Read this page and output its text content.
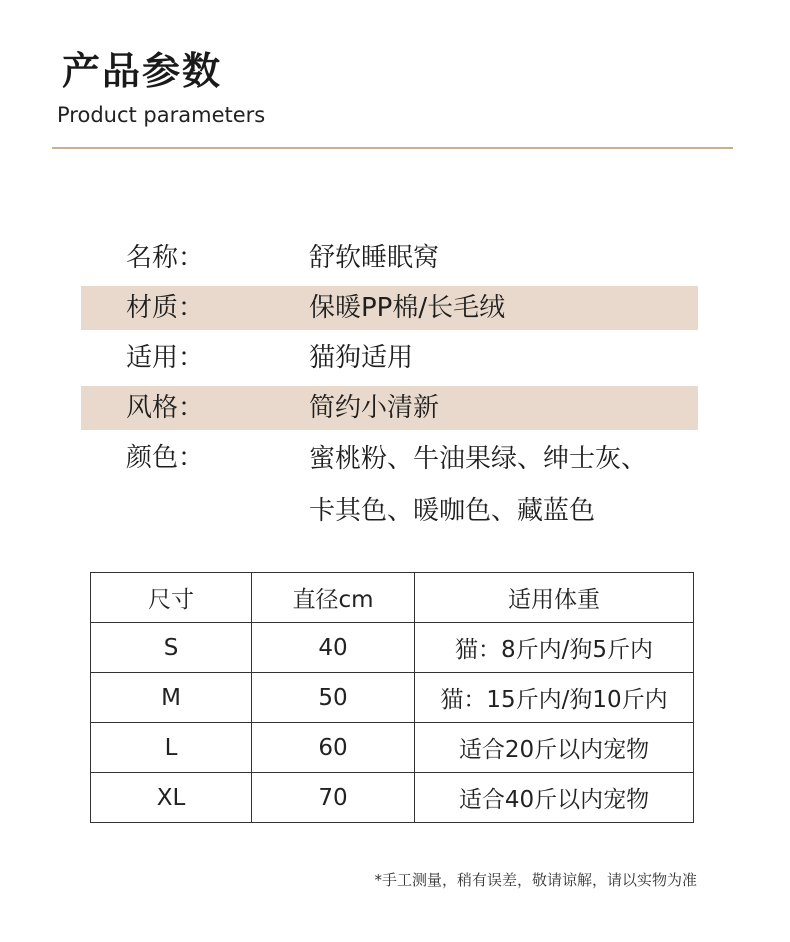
产品参数
Product parameters
名称：	舒软睡眠窝
材质：	保暖PP棉/长毛绒
适用：	猫狗适用
风格：	简约小清新
颜色：	蜜桃粉、牛油果绿、绅士灰、
卡其色、暖咖色、藏蓝色
尺寸	直径cm	适用体重
S	40	猫：8斤内/狗5斤内
M	50	猫：15斤内/狗10斤内
L	60	适合20斤以内宠物
XL	70	适合40斤以内宠物
*手工测量，稍有误差，敬请谅解，请以实物为准
